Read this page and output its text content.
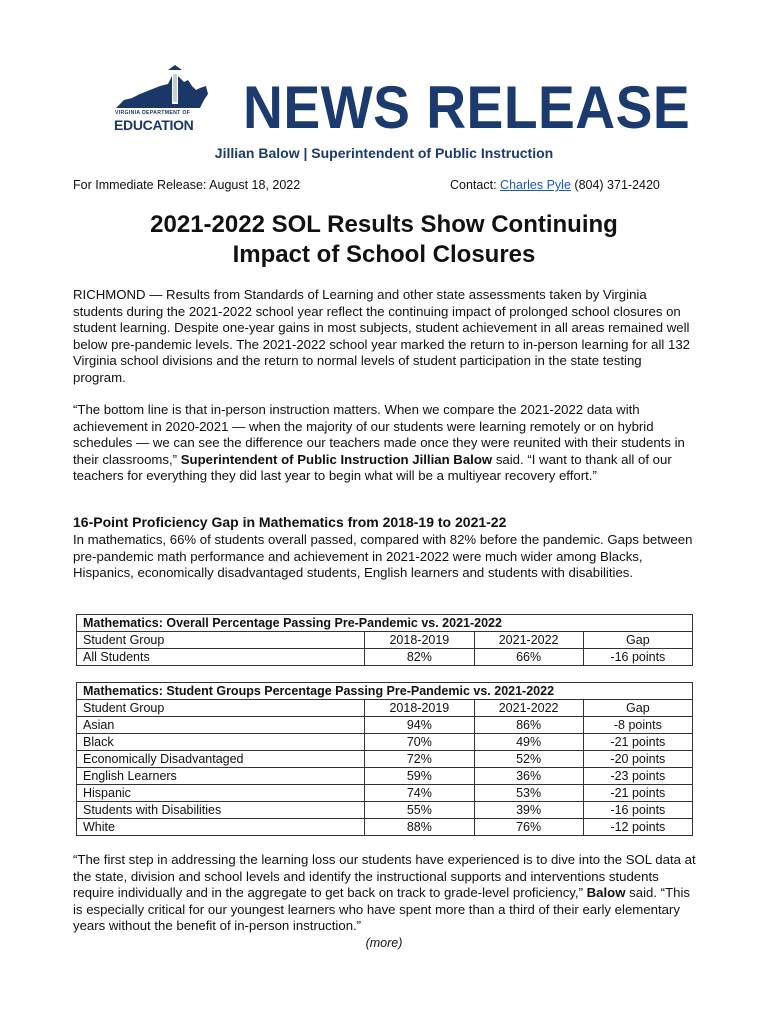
VIRGINIA DEPARTMENT OF
EDUCATION NEWS RELEASE
Jillian Balow | Superintendent of Public Instruction
For Immediate Release: August 18, 2022	Contact: Charles Pyle (804) 371-2420
2021-2022 SOL Results Show Continuing
Impact of School Closures

RICHMOND — Results from Standards of Learning and other state assessments taken by Virginia students during the 2021-2022 school year reflect the continuing impact of prolonged school closures on student learning. Despite one-year gains in most subjects, student achievement in all areas remained well below pre-pandemic levels. The 2021-2022 school year marked the return to in-person learning for all 132 Virginia school divisions and the return to normal levels of student participation in the state testing program.

“The bottom line is that in-person instruction matters. When we compare the 2021-2022 data with achievement in 2020-2021 — when the majority of our students were learning remotely or on hybrid schedules — we can see the difference our teachers made once they were reunited with their students in their classrooms,” Superintendent of Public Instruction Jillian Balow said. “I want to thank all of our teachers for everything they did last year to begin what will be a multiyear recovery effort.”

16-Point Proficiency Gap in Mathematics from 2018-19 to 2021-22

In mathematics, 66% of students overall passed, compared with 82% before the pandemic. Gaps between pre-pandemic math performance and achievement in 2021-2022 were much wider among Blacks, Hispanics, economically disadvantaged students, English learners and students with disabilities.

Mathematics: Overall Percentage Passing Pre-Pandemic vs. 2021-2022			
Student Group	2018-2019	2021-2022	Gap
All Students	82%	66%	-16 points
Mathematics: Student Groups Percentage Passing Pre-Pandemic vs. 2021-2022			
Student Group	2018-2019	2021-2022	Gap
Asian	94%	86%	-8 points
Black	70%	49%	-21 points
Economically Disadvantaged	72%	52%	-20 points
English Learners	59%	36%	-23 points
Hispanic	74%	53%	-21 points
Students with Disabilities	55%	39%	-16 points
White	88%	76%	-12 points

“The first step in addressing the learning loss our students have experienced is to dive into the SOL data at the state, division and school levels and identify the instructional supports and interventions students require individually and in the aggregate to get back on track to grade-level proficiency,” Balow said. “This is especially critical for our youngest learners who have spent more than a third of their early elementary years without the benefit of in-person instruction.”

(more)
